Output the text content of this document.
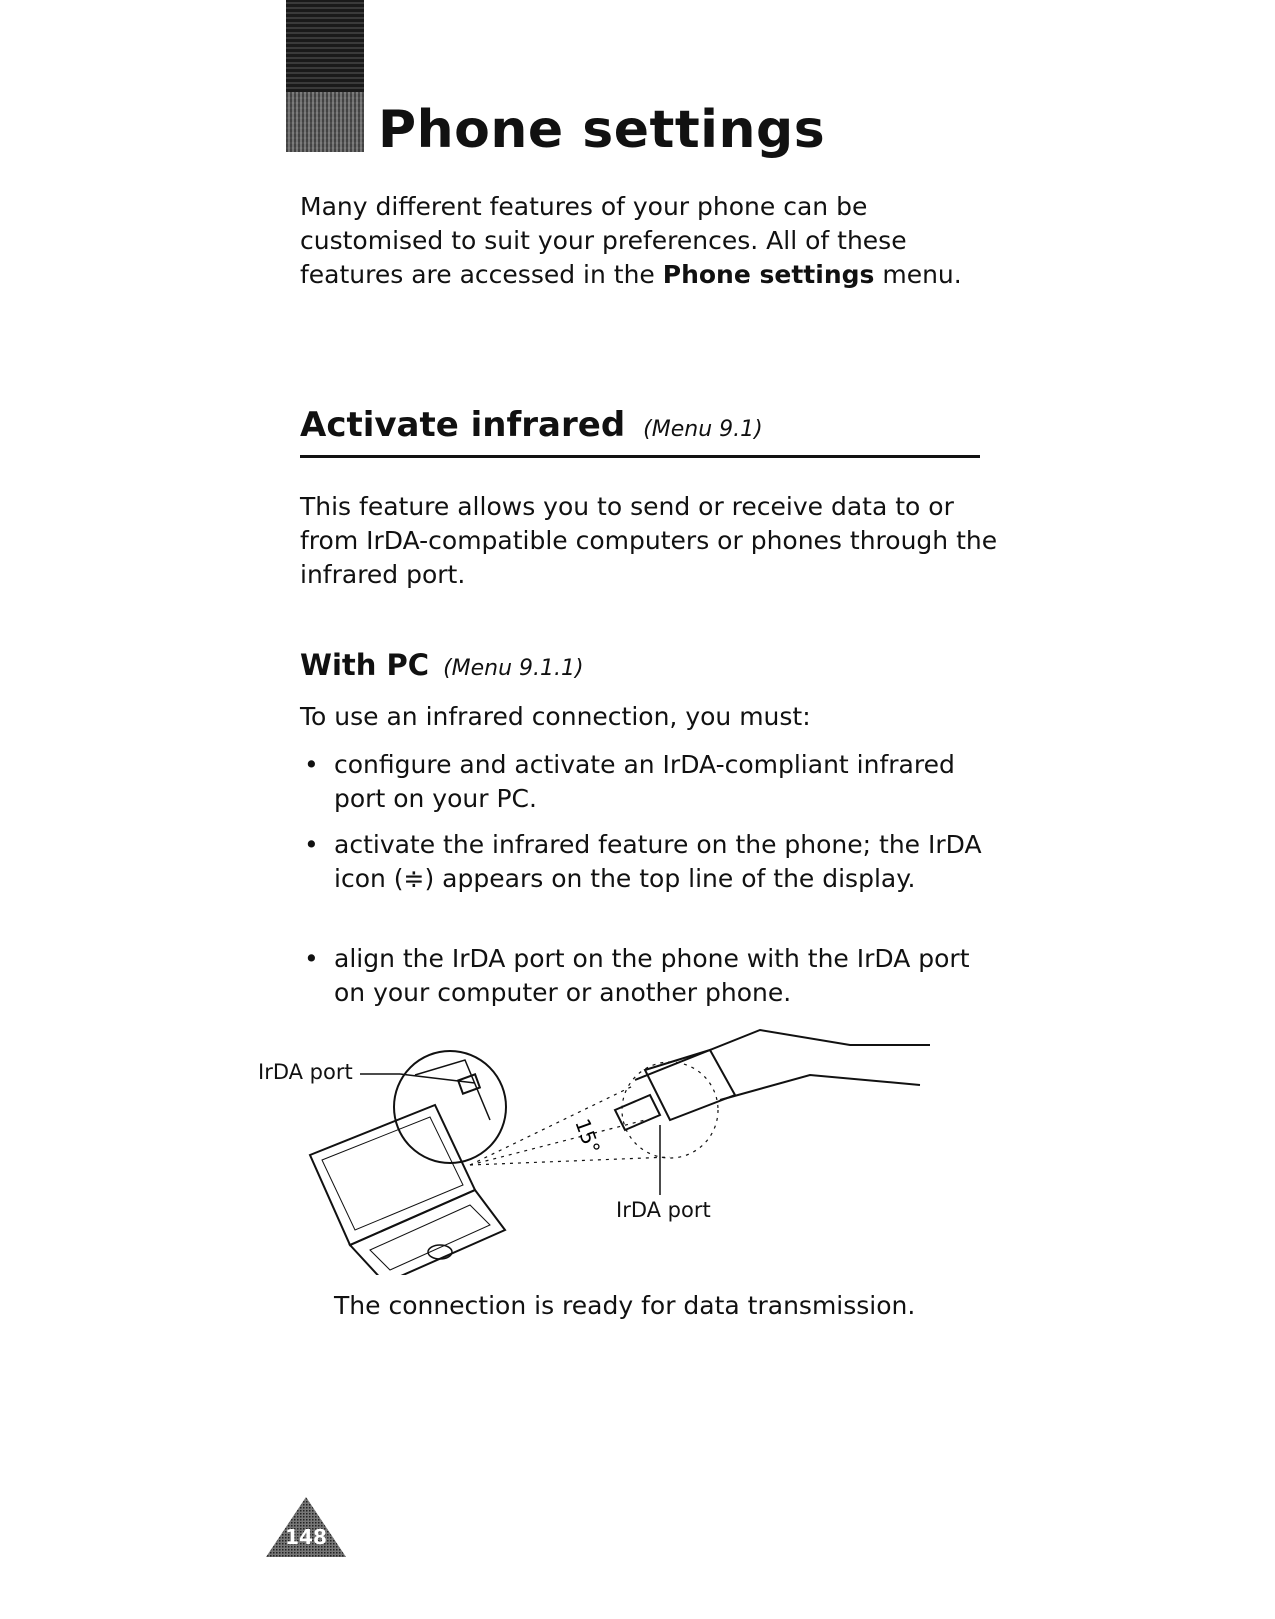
Phone settings
Many different features of your phone can be customised to suit your preferences. All of these features are accessed in the Phone settings menu.
Activate infrared (Menu 9.1)
This feature allows you to send or receive data to or from IrDA-compatible computers or phones through the infrared port.
With PC (Menu 9.1.1)
To use an infrared connection, you must:
• configure and activate an IrDA-compliant infrared port on your PC.
• activate the infrared feature on the phone; the IrDA icon (≑) appears on the top line of the display.
• align the IrDA port on the phone with the IrDA port on your computer or another phone.
15°
IrDA port
IrDA port
The connection is ready for data transmission.
148
